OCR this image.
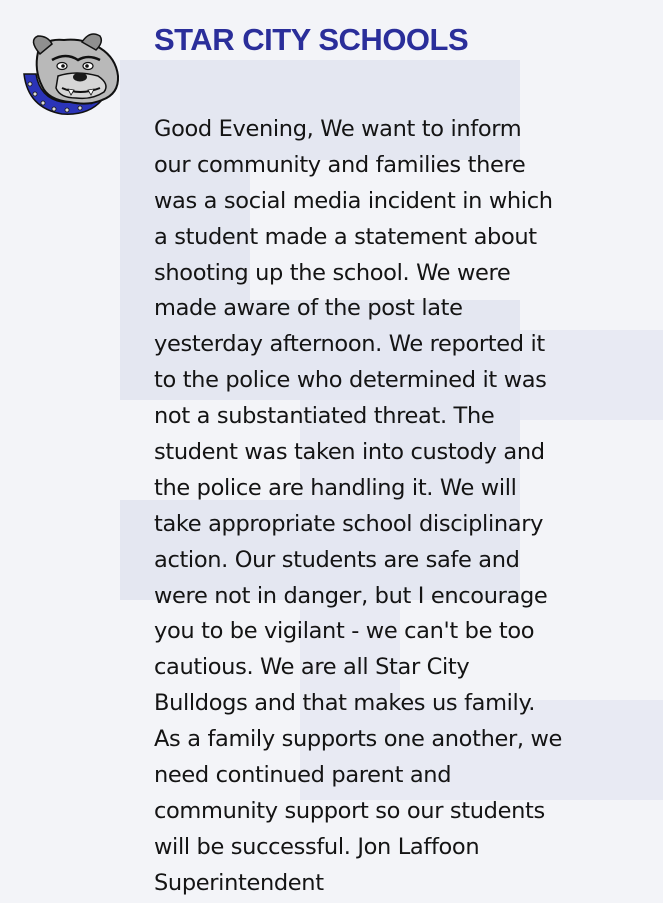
STAR CITY SCHOOLS
Good Evening, We want to inform
our community and families there
was a social media incident in which
a student made a statement about
shooting up the school. We were
made aware of the post late
yesterday afternoon. We reported it
to the police who determined it was
not a substantiated threat. The
student was taken into custody and
the police are handling it. We will
take appropriate school disciplinary
action. Our students are safe and
were not in danger, but I encourage
you to be vigilant - we can't be too
cautious. We are all Star City
Bulldogs and that makes us family.
As a family supports one another, we
need continued parent and
community support so our students
will be successful. Jon Laffoon
Superintendent
